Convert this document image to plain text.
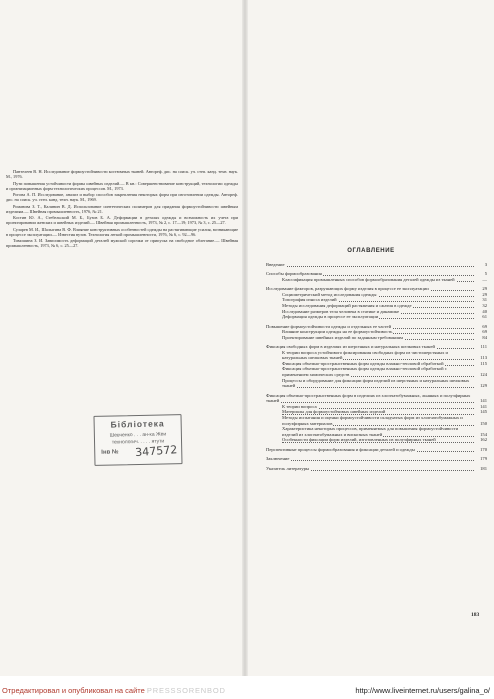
Пантелеев В. Н. Исследование формоустойчивости костюмных тканей. Автореф. дис. на соиск. уч. степ. канд. техн. наук. М., 1976.

Пути повышения устойчивости формы швейных изделий.— В кн.: Совершенствование конструкций, технологии одежды и организационных форм технологических процессов. М., 1973.

Рогова А. П. Исследование, анализ и выбор способов закрепления некоторых форм при изготовлении одежды. Автореф. дис. на соиск. уч. степ. канд. техн. наук. М., 1969.

Романова З. Т., Калинин В. Д. Использование синтетических полимеров для придания формоустойчивости швейным изделиям.— Швейная промышленность, 1976, № 21.

Костин Ю. А., Стебельский М. Б., Бузов Б. А. Деформации в деталях одежды и возможность их учета при проектировании женских и швейных изделий.— Швейная промышленность, 1973, № 2, с. 17—19; 1973, № 3, с. 25—27.

Суларев М. И., Шалыгина В. Ф. Влияние конструктивных особенностей одежды на растягивающие усилия, возникающие в процессе эксплуатации.— Известия вузов. Технология легкой промышленности, 1976, № 6, с. 92—96.

Тимошина З. И. Зависимость деформаций деталей мужской сорочки от припуска на свободное облегание.— Швейная промышленность, 1973, № 6, с. 25—27.

Бібліотека
Шевченко . . . ан-ка Жеи
технологич. . . . . ятути
Інв № 347572
ОГЛАВЛЕНИЕ
Введение	3
Способы формообразования	5
Классификация промышленных способов формообразования деталей одежды из тканей	—
Исследование факторов, разрушающих форму изделия в процессе ее эксплуатации	29
Социометрический метод исследования одежды	29
Топография износа изделий	31
Методы исследования деформаций растяжения и сжатия в одежде	32
Исследование размеров тела человека в статике и динамике	40
Деформация одежды в процессе ее эксплуатации	61
Повышение формоустойчивости одежды и отдельных ее частей	69
Влияние конструкции одежды на ее формоустойчивость	69
Проектирование швейных изделий по заданным требованиям	84
Фиксация свободных форм в изделиях из шерстяных и натуральных шелковых тканей	111
К теории вопроса устойчивого фиксирования свободных форм из чистошерстяных и натуральных шелковых тканей	113
Фиксация объемно-пространственных форм одежды влажно-тепловой обработкой	115
Фиксация объемно-пространственных форм одежды влажно-тепловой обработкой с применением химических средств	124
Процессы и оборудование для фиксации форм изделий из шерстяных и натуральных шелковых тканей	129
Фиксация объемно-пространственных форм в изделиях из хлопчатобумажных, льняных и полуэфирных тканей	141
К теории вопроса	141
Материалы для формоустойчивых швейных изделий	145
Методы испытания и оценки формоустойчивости складчатых форм из хлопчатобумажных и полуэфирных материалов	150
Характеристика некоторых процессов, применяемых для повышения формоустойчивости изделий из хлопчатобумажных и вискозных тканей	154
Особенности фиксации форм изделий, изготовленных из полуэфирных тканей	162
Перспективные процессы формообразования и фиксации деталей и одежды	170
Заключение	179
Указатель литературы	181
183
Отредактировал и опубликовал на сайте PRESSSORENBOD	http://www.liveinternet.ru/users/galina_o/
